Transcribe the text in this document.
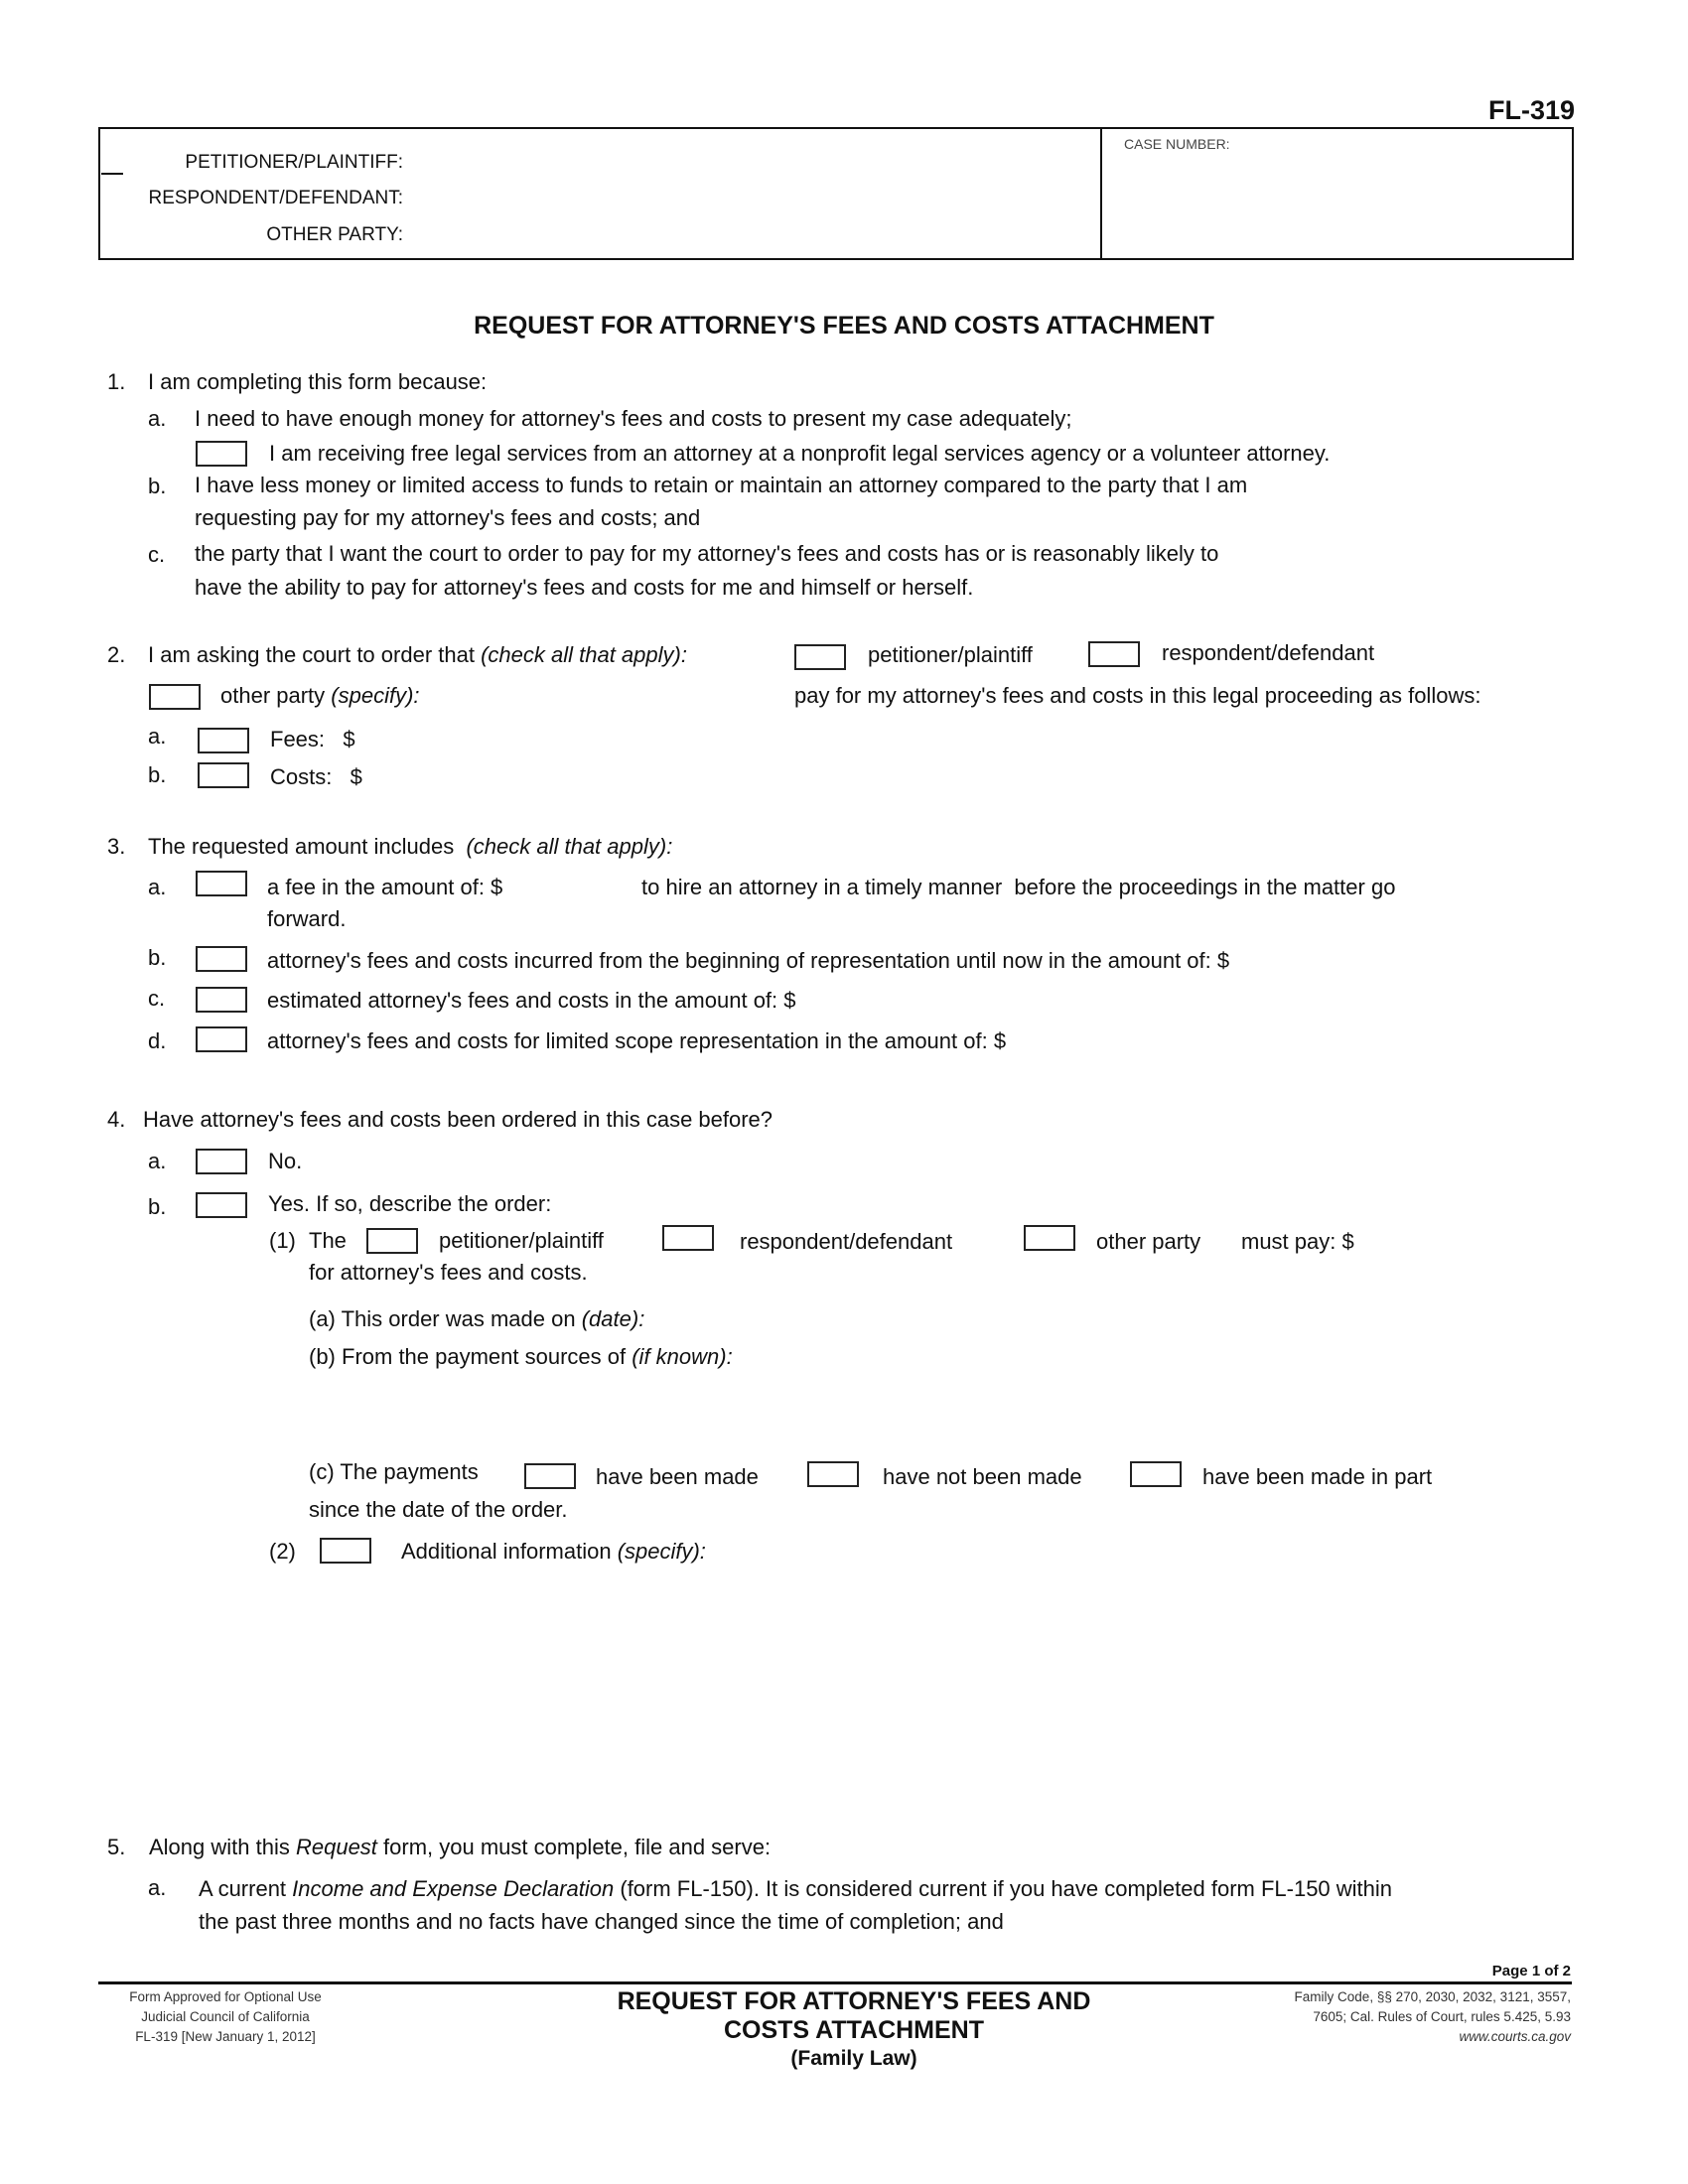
FL-319
PETITIONER/PLAINTIFF:
RESPONDENT/DEFENDANT:
OTHER PARTY:
CASE NUMBER:
REQUEST FOR ATTORNEY'S FEES AND COSTS ATTACHMENT
1. I am completing this form because:
a. I need to have enough money for attorney's fees and costs to present my case adequately;
I am receiving free legal services from an attorney at a nonprofit legal services agency or a volunteer attorney.
b. I have less money or limited access to funds to retain or maintain an attorney compared to the party that I am
requesting pay for my attorney's fees and costs; and
c. the party that I want the court to order to pay for my attorney's fees and costs has or is reasonably likely to
have the ability to pay for attorney's fees and costs for me and himself or herself.
2. I am asking the court to order that (check all that apply):	petitioner/plaintiff	respondent/defendant
other party (specify):	pay for my attorney's fees and costs in this legal proceeding as follows:
a.	Fees:   $
b.	Costs:   $
3. The requested amount includes  (check all that apply):
a.	a fee in the amount of: $	to hire an attorney in a timely manner  before the proceedings in the matter go
forward.
b.	attorney's fees and costs incurred from the beginning of representation until now in the amount of: $
c.	estimated attorney's fees and costs in the amount of: $
d.	attorney's fees and costs for limited scope representation in the amount of: $
4. Have attorney's fees and costs been ordered in this case before?
a.	No.
b.	Yes. If so, describe the order:
(1) The	petitioner/plaintiff	respondent/defendant	other party must pay: $
for attorney's fees and costs.
(a) This order was made on (date):
(b) From the payment sources of (if known):
(c) The payments	have been made	have not been made	have been made in part
since the date of the order.
(2)	Additional information (specify):
5. Along with this Request form, you must complete, file and serve:
a. A current Income and Expense Declaration (form FL-150). It is considered current if you have completed form FL-150 within
the past three months and no facts have changed since the time of completion; and
Page 1 of 2
Form Approved for Optional Use
Judicial Council of California
FL-319 [New January 1, 2012]
REQUEST FOR ATTORNEY'S FEES AND
COSTS ATTACHMENT
(Family Law)
Family Code, §§ 270, 2030, 2032, 3121, 3557,
7605; Cal. Rules of Court, rules 5.425, 5.93
www.courts.ca.gov
